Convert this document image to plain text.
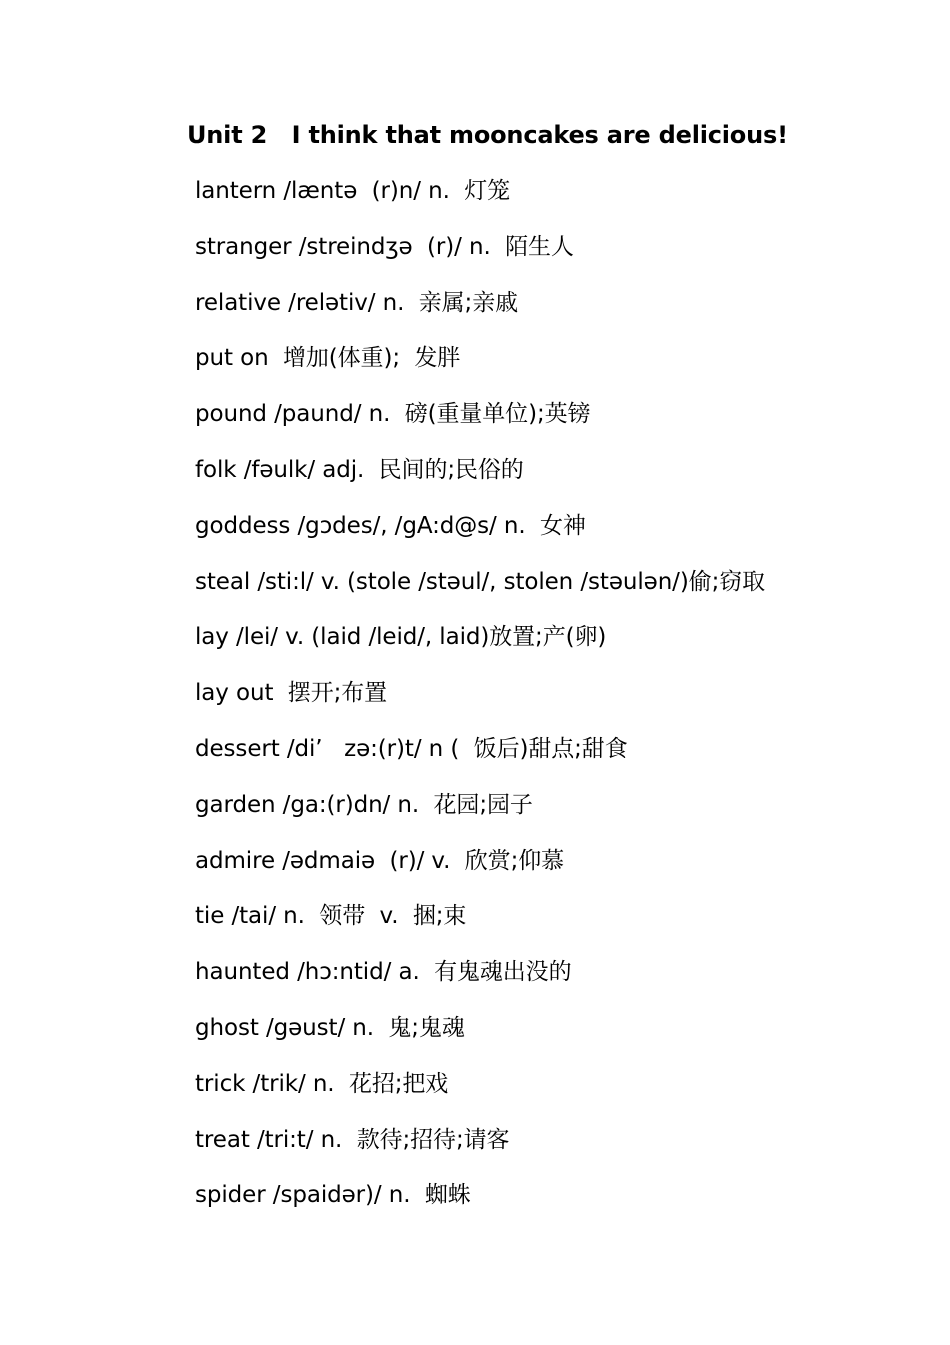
Unit 2   I think that mooncakes are delicious!
lantern /læntə  (r)n/ n.  灯笼
stranger /streindʒə  (r)/ n.  陌生人
relative /relətiv/ n.  亲属;亲戚
put on  增加(体重);  发胖
pound /paund/ n.  磅(重量单位);英镑
folk /fəulk/ adj.  民间的;民俗的
goddess /gɔdes/, /gA:d@s/ n.  女神
steal /sti:l/ v. (stole /stəul/, stolen /stəulən/)偷;窃取
lay /lei/ v. (laid /leid/, laid)放置;产(卵)
lay out  摆开;布置
dessert /di’   zə:(r)t/ n (  饭后)甜点;甜食
garden /ga:(r)dn/ n.  花园;园子
admire /ədmaiə  (r)/ v.  欣赏;仰慕
tie /tai/ n.  领带  v.  捆;束
haunted /hɔ:ntid/ a.  有鬼魂出没的
ghost /gəust/ n.  鬼;鬼魂
trick /trik/ n.  花招;把戏
treat /tri:t/ n.  款待;招待;请客
spider /spaidər)/ n.  蜘蛛
